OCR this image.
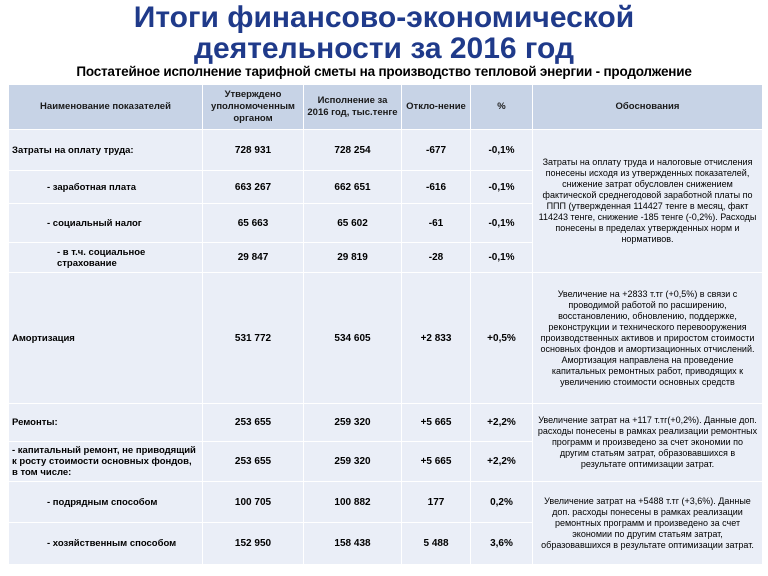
Итоги финансово-экономической
деятельности за 2016 год
Постатейное исполнение тарифной сметы на производство тепловой энергии - продолжение
Наименование показателей	Утверждено уполномоченным органом	Исполнение за 2016 год, тыс.тенге	Откло-нение	%	Обоснования
Затраты на оплату труда:	728 931	728 254	-677	-0,1%	Затраты на оплату труда и налоговые отчисления понесены исходя из утвержденных показателей, снижение затрат обусловлен снижением фактической среднегодовой заработной платы по ППП (утвержденная 114427 тенге в месяц, факт 114243 тенге, снижение -185 тенге (-0,2%). Расходы понесены в пределах утвержденных норм и нормативов.
- заработная плата	663 267	662 651	-616	-0,1%	
- социальный налог	65 663	65 602	-61	-0,1%	
- в т.ч. социальное страхование	29 847	29 819	-28	-0,1%	
Амортизация	531 772	534 605	+2 833	+0,5%	Увеличение на +2833 т.тг (+0,5%) в связи с проводимой работой по расширению, восстановлению, обновлению, поддержке, реконструкции и технического перевооружения производственных активов и приростом стоимости основных фондов и амортизационных отчислений. Амортизация направлена на проведение капитальных ремонтных работ, приводящих к увеличению стоимости основных средств
Ремонты:	253 655	259 320	+5 665	+2,2%	Увеличение затрат на +117 т.тг(+0,2%). Данные доп. расходы понесены в рамках реализации ремонтных программ и произведено за счет экономии по другим статьям затрат, образовавшихся в результате оптимизации затрат.
- капитальный ремонт, не приводящий к росту стоимости основных фондов, в том числе:	253 655	259 320	+5 665	+2,2%	
- подрядным способом	100 705	100 882	177	0,2%	Увеличение затрат на +5488 т.тг (+3,6%). Данные доп. расходы понесены в рамках реализации ремонтных программ и произведено за счет экономии по другим статьям затрат, образовавшихся в результате оптимизации затрат.
- хозяйственным способом	152 950	158 438	5 488	3,6%	
